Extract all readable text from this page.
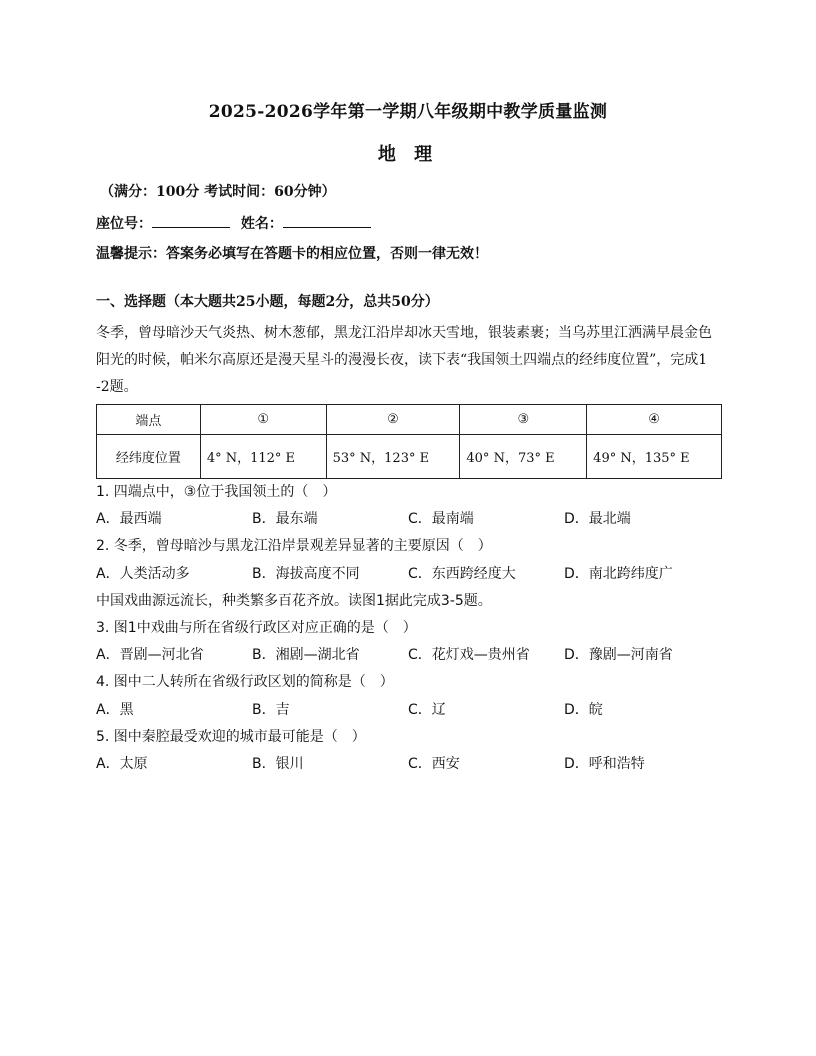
2025-2026学年第一学期八年级期中教学质量监测
地 理
（满分：100分 考试时间：60分钟）
座位号：	姓名：
温馨提示：答案务必填写在答题卡的相应位置，否则一律无效！
一、选择题（本大题共25小题，每题2分，总共50分）
冬季，曾母暗沙天气炎热、树木葱郁，黑龙江沿岸却冰天雪地，银装素裹；当乌苏里江洒满早晨金色
阳光的时候，帕米尔高原还是漫天星斗的漫漫长夜，读下表“我国领土四端点的经纬度位置”，完成1
-2题。
端点	①	②	③	④
经纬度位置	4° N，112° E	53° N，123° E	40° N，73° E	49° N，135° E
1. 四端点中，③位于我国领土的（　）
A．最西端	B．最东端	C．最南端	D．最北端
2. 冬季，曾母暗沙与黑龙江沿岸景观差异显著的主要原因（　）
A．人类活动多	B．海拔高度不同	C．东西跨经度大	D．南北跨纬度广
中国戏曲源远流长，种类繁多百花齐放。读图1据此完成3-5题。
3. 图1中戏曲与所在省级行政区对应正确的是（　）
A．晋剧—河北省	B．湘剧—湖北省	C．花灯戏—贵州省 D．豫剧—河南省
4. 图中二人转所在省级行政区划的简称是（　）
A．黑	B．吉	C．辽	D．皖
5. 图中秦腔最受欢迎的城市最可能是（　）
A．太原	B．银川	C．西安	D．呼和浩特
